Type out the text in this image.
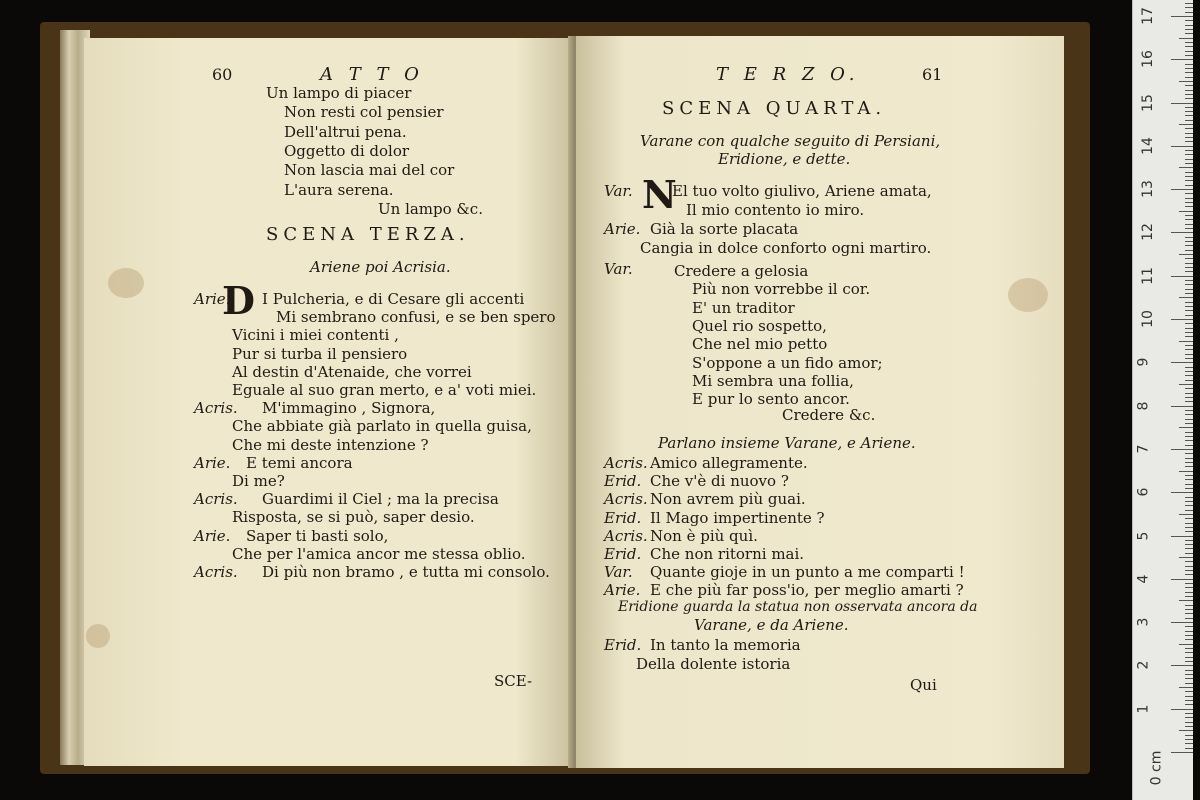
60	A T T O
Un lampo di piacer
Non resti col pensier
Dell'altrui pena.
Oggetto di dolor
Non lascia mai del cor
L'aura serena.
Un lampo &c.
SCENA TERZA.
Ariene poi Acrisia.
D
Arie. I Pulcheria, e di Cesare gli accenti
Mi sembrano confusi, e se ben spero
Vicini i miei contenti ,
Pur si turba il pensiero
Al destin d'Atenaide, che vorrei
Eguale al suo gran merto, e a' voti miei.
Acris. M'immagino , Signora,
Che abbiate già parlato in quella guisa,
Che mi deste intenzione ?
Arie. E temi ancora
Di me?
Acris. Guardimi il Ciel ; ma la precisa
Risposta, se si può, saper desio.
Arie. Saper ti basti solo,
Che per l'amica ancor me stessa oblio.
Acris. Di più non bramo , e tutta mi consolo.
SCE-
T E R Z O.	61
SCENA QUARTA.
Varane con qualche seguito di Persiani,
Eridione, e dette.
N
Var.	El tuo volto giulivo, Ariene amata,
Il mio contento io miro.
Arie. Già la sorte placata
Cangia in dolce conforto ogni martiro.
Var.	Credere a gelosia
Più non vorrebbe il cor.
E' un traditor
Quel rio sospetto,
Che nel mio petto
S'oppone a un fido amor;
Mi sembra una follia,
E pur lo sento ancor.
Credere &c.
Parlano insieme Varane, e Ariene.
Acris. Amico allegramente.
Erid. Che v'è di nuovo ?
Acris. Non avrem più guai.
Erid. Il Mago impertinente ?
Acris. Non è più quì.
Erid. Che non ritorni mai.
Var. Quante gioje in un punto a me comparti !
Arie. E che più far poss'io, per meglio amarti ?
Eridione guarda la statua non osservata ancora da
Varane, e da Ariene.
Erid. In tanto la memoria
Della dolente istoria
Qui
1
2
3
4
5
6
7
8
9
10
11
12
13
14
15
16
17
0 cm
